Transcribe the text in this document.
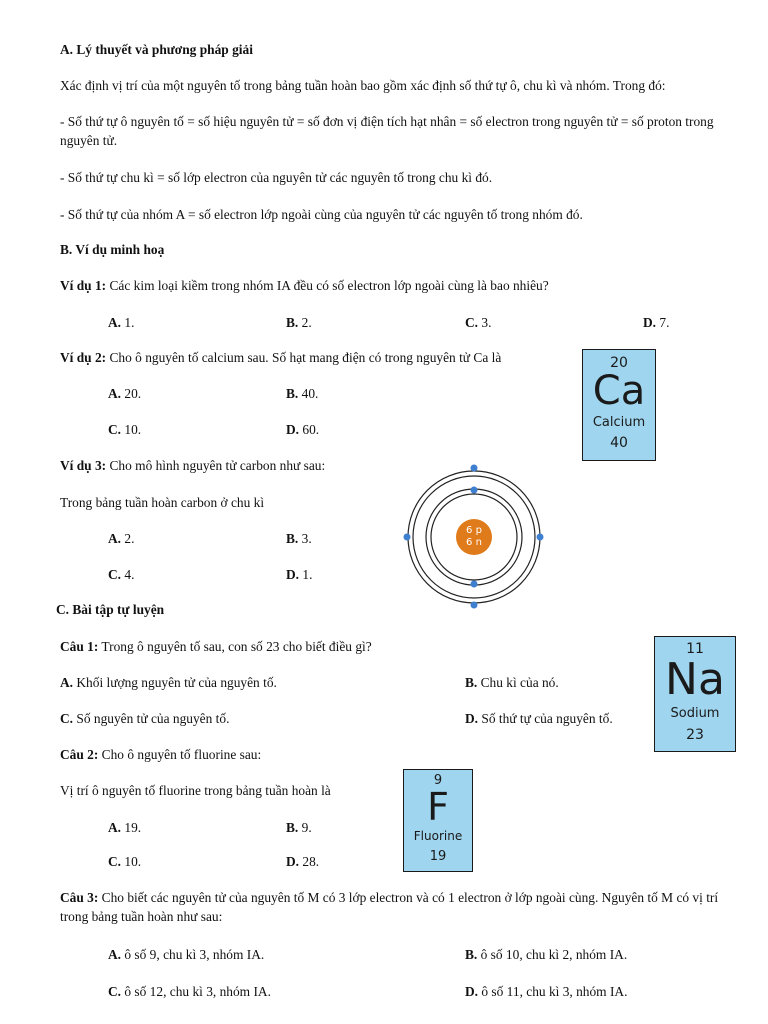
A. Lý thuyết và phương pháp giải
Xác định vị trí của một nguyên tố trong bảng tuần hoàn bao gồm xác định số thứ tự ô, chu kì và nhóm. Trong đó:
- Số thứ tự ô nguyên tố = số hiệu nguyên tử = số đơn vị điện tích hạt nhân = số electron trong nguyên tử = số proton trong nguyên tử.
- Số thứ tự chu kì = số lớp electron của nguyên tử các nguyên tố trong chu kì đó.
- Số thứ tự của nhóm A = số electron lớp ngoài cùng của nguyên tử các nguyên tố trong nhóm đó.
B. Ví dụ minh hoạ
Ví dụ 1: Các kim loại kiềm trong nhóm IA đều có số electron lớp ngoài cùng là bao nhiêu?
A. 1.	B. 2.	C. 3.	D. 7.
Ví dụ 2: Cho ô nguyên tố calcium sau. Số hạt mang điện có trong nguyên tử Ca là
A. 20.	B. 40.
C. 10.	D. 60.
20
Ca
Calcium
40
Ví dụ 3: Cho mô hình nguyên tử carbon như sau:
Trong bảng tuần hoàn carbon ở chu kì
A. 2.	B. 3.
C. 4.	D. 1.
6 p
6 n
C. Bài tập tự luyện
Câu 1: Trong ô nguyên tố sau, con số 23 cho biết điều gì?
A. Khối lượng nguyên tử của nguyên tố.	B. Chu kì của nó.
C. Số nguyên tử của nguyên tố.	D. Số thứ tự của nguyên tố.
11
Na
Sodium
23
Câu 2: Cho ô nguyên tố fluorine sau:
Vị trí ô nguyên tố fluorine trong bảng tuần hoàn là
A. 19.	B. 9.
C. 10.	D. 28.
9
F
Fluorine
19
Câu 3: Cho biết các nguyên tử của nguyên tố M có 3 lớp electron và có 1 electron ở lớp ngoài cùng. Nguyên tố M có vị trí trong bảng tuần hoàn như sau:
A. ô số 9, chu kì 3, nhóm IA.	B. ô số 10, chu kì 2, nhóm IA.
C. ô số 12, chu kì 3, nhóm IA.	D. ô số 11, chu kì 3, nhóm IA.
